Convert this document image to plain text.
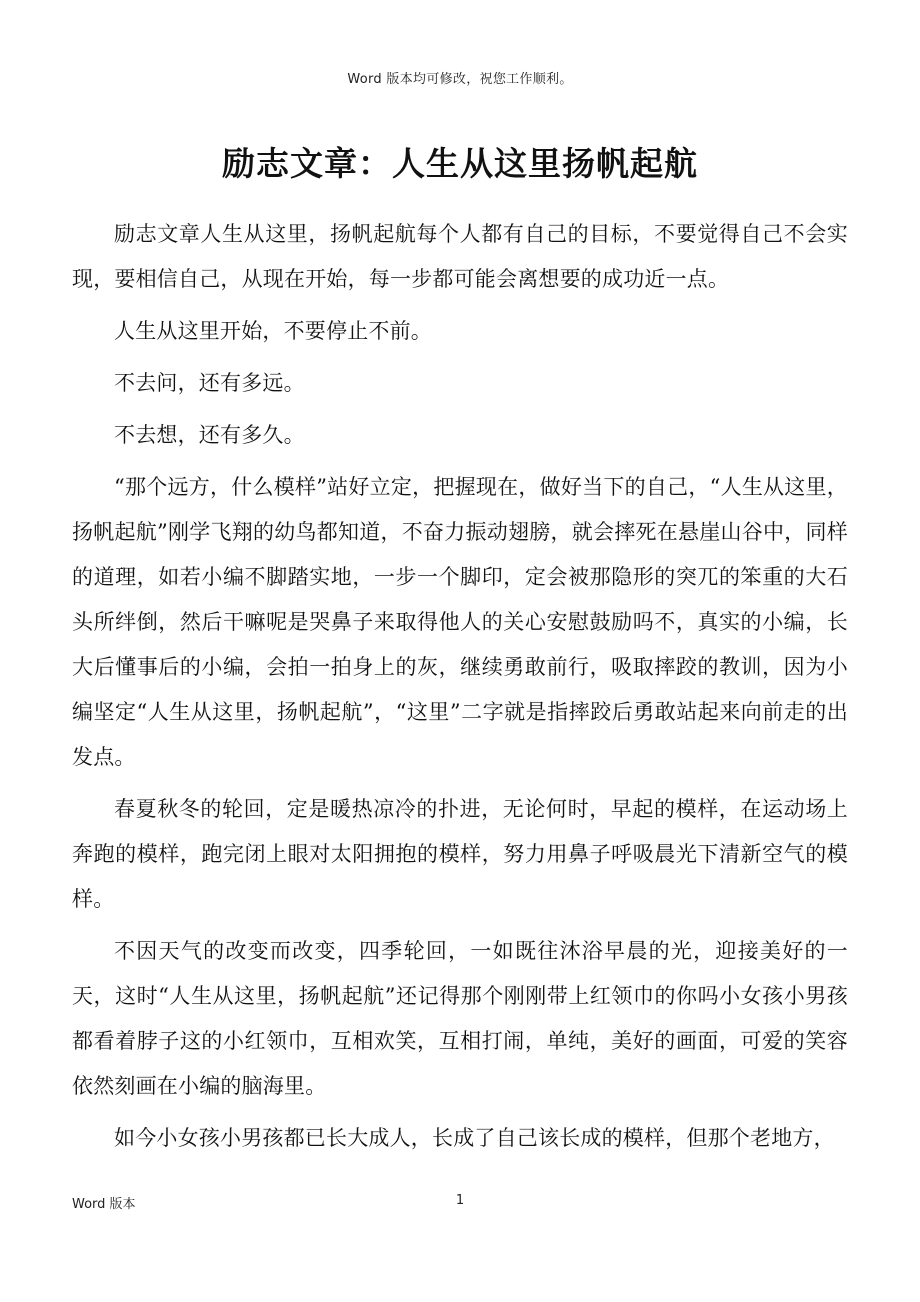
Word 版本均可修改，祝您工作顺利。
励志文章：人生从这里扬帆起航

励志文章人生从这里，扬帆起航每个人都有自己的目标，不要觉得自己不会实现，要相信自己，从现在开始，每一步都可能会离想要的成功近一点。

人生从这里开始，不要停止不前。

不去问，还有多远。

不去想，还有多久。

“那个远方，什么模样”站好立定，把握现在，做好当下的自己，“人生从这里，扬帆起航”刚学飞翔的幼鸟都知道，不奋力振动翅膀，就会摔死在悬崖山谷中，同样的道理，如若小编不脚踏实地，一步一个脚印，定会被那隐形的突兀的笨重的大石头所绊倒，然后干嘛呢是哭鼻子来取得他人的关心安慰鼓励吗不，真实的小编，长大后懂事后的小编，会拍一拍身上的灰，继续勇敢前行，吸取摔跤的教训，因为小编坚定“人生从这里，扬帆起航”，“这里”二字就是指摔跤后勇敢站起来向前走的出发点。

春夏秋冬的轮回，定是暖热凉冷的扑进，无论何时，早起的模样，在运动场上奔跑的模样，跑完闭上眼对太阳拥抱的模样，努力用鼻子呼吸晨光下清新空气的模样。

不因天气的改变而改变，四季轮回，一如既往沐浴早晨的光，迎接美好的一天，这时“人生从这里，扬帆起航”还记得那个刚刚带上红领巾的你吗小女孩小男孩都看着脖子这的小红领巾，互相欢笑，互相打闹，单纯，美好的画面，可爱的笑容依然刻画在小编的脑海里。

如今小女孩小男孩都已长大成人，长成了自己该长成的模样，但那个老地方，

Word 版本	1
